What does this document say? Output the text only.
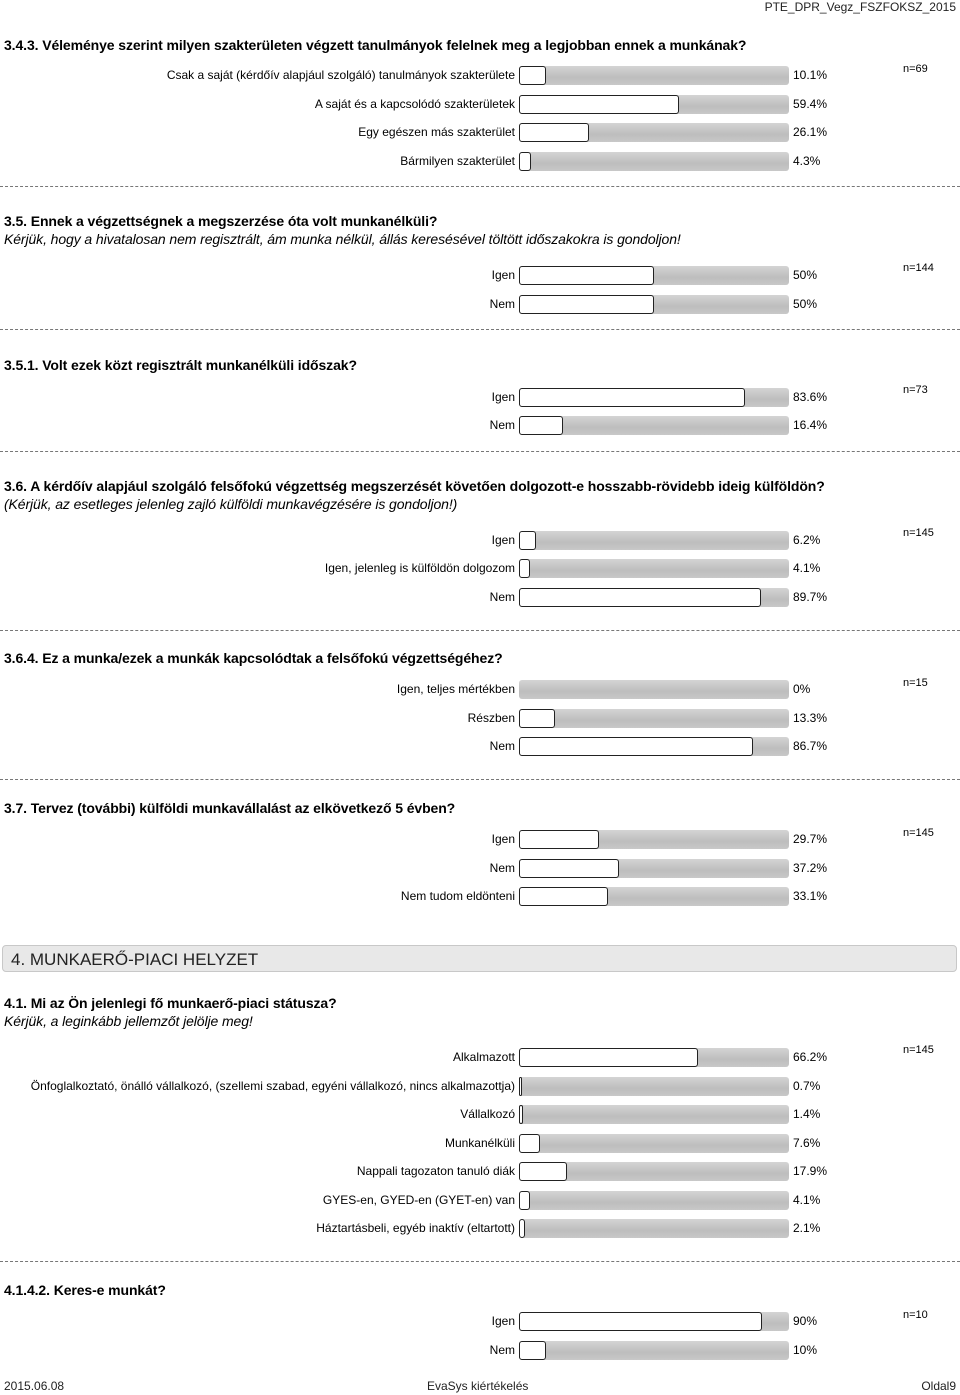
PTE_DPR_Vegz_FSZFOKSZ_2015
3.4.3. Véleménye szerint milyen szakterületen végzett tanulmányok felelnek meg a legjobban ennek a munkának?
n=69
Csak a saját (kérdőív alapjául szolgáló) tanulmányok szakterülete	10.1%
A saját és a kapcsolódó szakterületek	59.4%
Egy egészen más szakterület	26.1%
Bármilyen szakterület	4.3%
3.5. Ennek a végzettségnek a megszerzése óta volt munkanélküli?
Kérjük, hogy a hivatalosan nem regisztrált, ám munka nélkül, állás keresésével töltött időszakokra is gondoljon!
n=144
Igen	50%
Nem	50%
3.5.1. Volt ezek közt regisztrált munkanélküli időszak?
n=73
Igen	83.6%
Nem	16.4%
3.6. A kérdőív alapjául szolgáló felsőfokú végzettség megszerzését követően dolgozott-e hosszabb-rövidebb ideig külföldön?
(Kérjük, az esetleges jelenleg zajló külföldi munkavégzésére is gondoljon!)
n=145
Igen	6.2%
Igen, jelenleg is külföldön dolgozom	4.1%
Nem	89.7%
3.6.4. Ez a munka/ezek a munkák kapcsolódtak a felsőfokú végzettségéhez?
n=15
Igen, teljes mértékben	0%
Részben	13.3%
Nem	86.7%
3.7. Tervez (további) külföldi munkavállalást az elkövetkező 5 évben?
n=145
Igen	29.7%
Nem	37.2%
Nem tudom eldönteni	33.1%
4. MUNKAERŐ-PIACI HELYZET
4.1. Mi az Ön jelenlegi fő munkaerő-piaci státusza?
Kérjük, a leginkább jellemzőt jelölje meg!
n=145
Alkalmazott	66.2%
Önfoglalkoztató, önálló vállalkozó, (szellemi szabad, egyéni vállalkozó, nincs alkalmazottja)	0.7%
Vállalkozó	1.4%
Munkanélküli	7.6%
Nappali tagozaton tanuló diák	17.9%
GYES-en, GYED-en (GYET-en) van	4.1%
Háztartásbeli, egyéb inaktív (eltartott)	2.1%
4.1.4.2. Keres-e munkát?
n=10
Igen	90%
Nem	10%
2015.06.08	EvaSys kiértékelés	Oldal9
